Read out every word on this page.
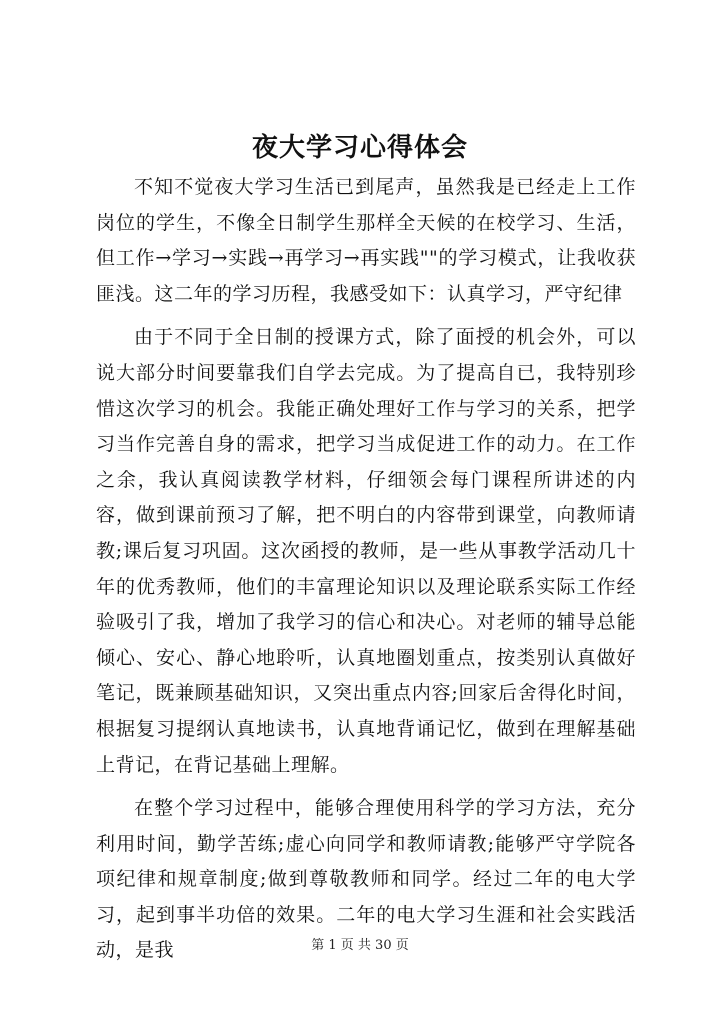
夜大学习心得体会

不知不觉夜大学习生活已到尾声，虽然我是已经走上工作岗位的学生，不像全日制学生那样全天候的在校学习、生活，但工作→学习→实践→再学习→再实践""的学习模式，让我收获匪浅。这二年的学习历程，我感受如下：认真学习，严守纪律

由于不同于全日制的授课方式，除了面授的机会外，可以说大部分时间要靠我们自学去完成。为了提高自已，我特别珍惜这次学习的机会。我能正确处理好工作与学习的关系，把学习当作完善自身的需求，把学习当成促进工作的动力。在工作之余，我认真阅读教学材料，仔细领会每门课程所讲述的内容，做到课前预习了解，把不明白的内容带到课堂，向教师请教;课后复习巩固。这次函授的教师，是一些从事教学活动几十年的优秀教师，他们的丰富理论知识以及理论联系实际工作经验吸引了我，增加了我学习的信心和决心。对老师的辅导总能倾心、安心、静心地聆听，认真地圈划重点，按类别认真做好笔记，既兼顾基础知识，又突出重点内容;回家后舍得化时间，根据复习提纲认真地读书，认真地背诵记忆，做到在理解基础上背记，在背记基础上理解。

在整个学习过程中，能够合理使用科学的学习方法，充分利用时间，勤学苦练;虚心向同学和教师请教;能够严守学院各项纪律和规章制度;做到尊敬教师和同学。经过二年的电大学习，起到事半功倍的效果。二年的电大学习生涯和社会实践活动，是我	第 1 页 共 30 页
